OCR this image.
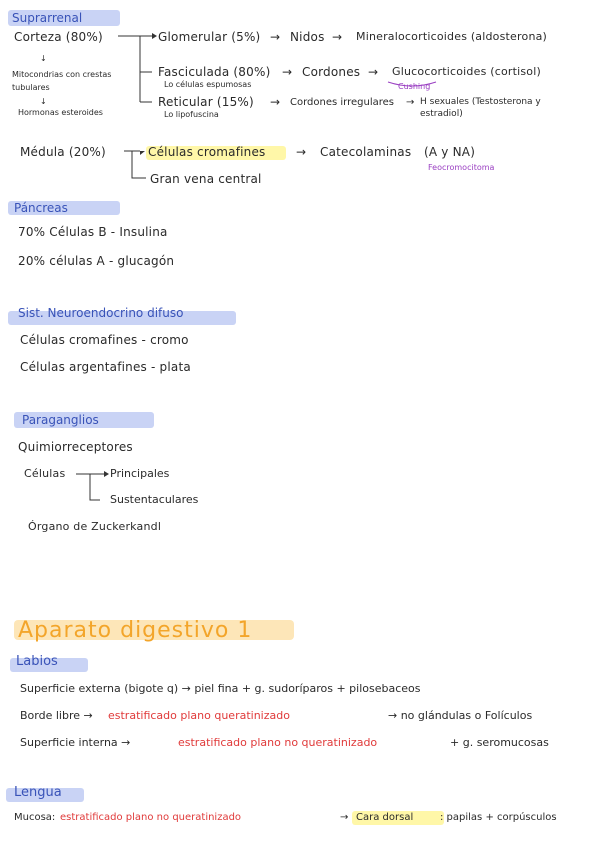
Suprarrenal
Corteza (80%)
↓
Mitocondrias con crestas tubulares
↓
Hormonas esteroides
Glomerular (5%) → Nidos → Mineralocorticoides (aldosterona)
Fasciculada (80%)
Lo células espumosas
→ Cordones → Glucocorticoides (cortisol)
Cushing
Reticular (15%)
Lo lipofuscina
→ Cordones irregulares → H sexuales (Testosterona y estradiol)
Médula (20%)	Células cromafines	→ Catecolaminas (A y NA)
Feocromocitoma
Gran vena central
Páncreas
70% Células B - Insulina
20% células A - glucagón
Sist. Neuroendocrino difuso
Células cromafines - cromo
Células argentafines - plata
Paraganglios
Quimiorreceptores
Células	Principales
Sustentaculares
Órgano de Zuckerkandl
Aparato digestivo 1
Labios
Superficie externa (bigote q) → piel fina + g. sudoríparos + pilosebaceos
Borde libre → estratificado plano queratinizado	→ no glándulas o Folículos
Superficie interna →	estratificado plano no queratinizado	+ g. seromucosas
Lengua
Mucosa: estratificado plano no queratinizado	→ Cara dorsal	: papilas + corpúsculos
